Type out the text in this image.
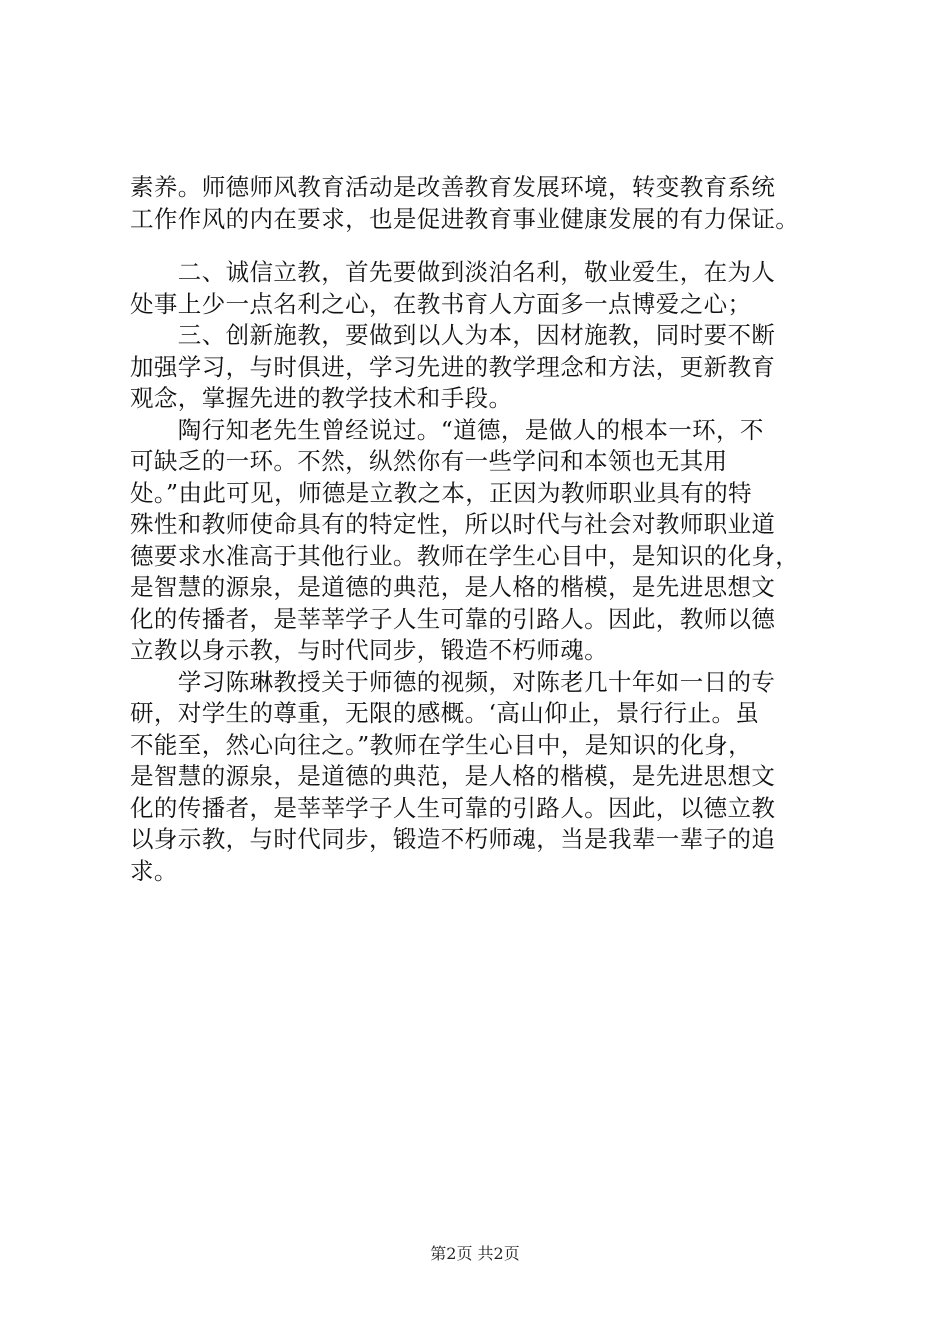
素养。师德师风教育活动是改善教育发展环境，转变教育系统
工作作风的内在要求，也是促进教育事业健康发展的有力保证。
　　二、诚信立教，首先要做到淡泊名利，敬业爱生，在为人
处事上少一点名利之心，在教书育人方面多一点博爱之心；
　　三、创新施教，要做到以人为本，因材施教，同时要不断
加强学习，与时俱进，学习先进的教学理念和方法，更新教育
观念，掌握先进的教学技术和手段。
　　陶行知老先生曾经说过。“道德，是做人的根本一环，不
可缺乏的一环。不然，纵然你有一些学问和本领也无其用
处。”由此可见，师德是立教之本，正因为教师职业具有的特
殊性和教师使命具有的特定性，所以时代与社会对教师职业道
德要求水准高于其他行业。教师在学生心目中，是知识的化身，
是智慧的源泉，是道德的典范，是人格的楷模，是先进思想文
化的传播者，是莘莘学子人生可靠的引路人。因此，教师以德
立教以身示教，与时代同步，锻造不朽师魂。
　　学习陈琳教授关于师德的视频，对陈老几十年如一日的专
研，对学生的尊重，无限的感概。‘高山仰止，景行行止。虽
不能至，然心向往之。”教师在学生心目中，是知识的化身，
是智慧的源泉，是道德的典范，是人格的楷模，是先进思想文
化的传播者，是莘莘学子人生可靠的引路人。因此，以德立教
以身示教，与时代同步，锻造不朽师魂，当是我辈一辈子的追
求。
第2页 共2页
